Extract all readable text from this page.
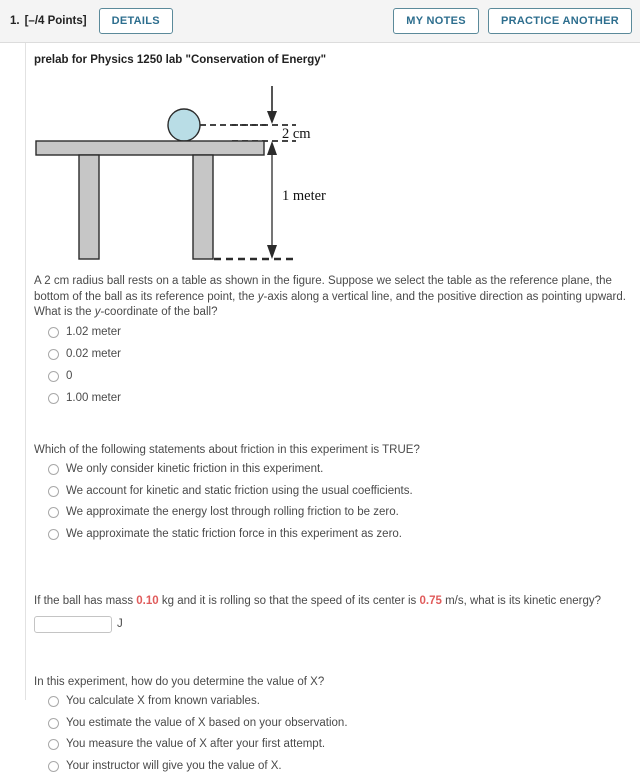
1. [–/4 Points]	DETAILS	MY NOTES	PRACTICE ANOTHER
prelab for Physics 1250 lab "Conservation of Energy"
2 cm
1 meter
A 2 cm radius ball rests on a table as shown in the figure. Suppose we select the table as the reference plane, the bottom of the ball as its reference point, the y-axis along a vertical line, and the positive direction as pointing upward. What is the y-coordinate of the ball?
1.02 meter
0.02 meter
0
1.00 meter
Which of the following statements about friction in this experiment is TRUE?
We only consider kinetic friction in this experiment.
We account for kinetic and static friction using the usual coefficients.
We approximate the energy lost through rolling friction to be zero.
We approximate the static friction force in this experiment as zero.
If the ball has mass 0.10 kg and it is rolling so that the speed of its center is 0.75 m/s, what is its kinetic energy?
J
In this experiment, how do you determine the value of X?
You calculate X from known variables.
You estimate the value of X based on your observation.
You measure the value of X after your first attempt.
Your instructor will give you the value of X.
